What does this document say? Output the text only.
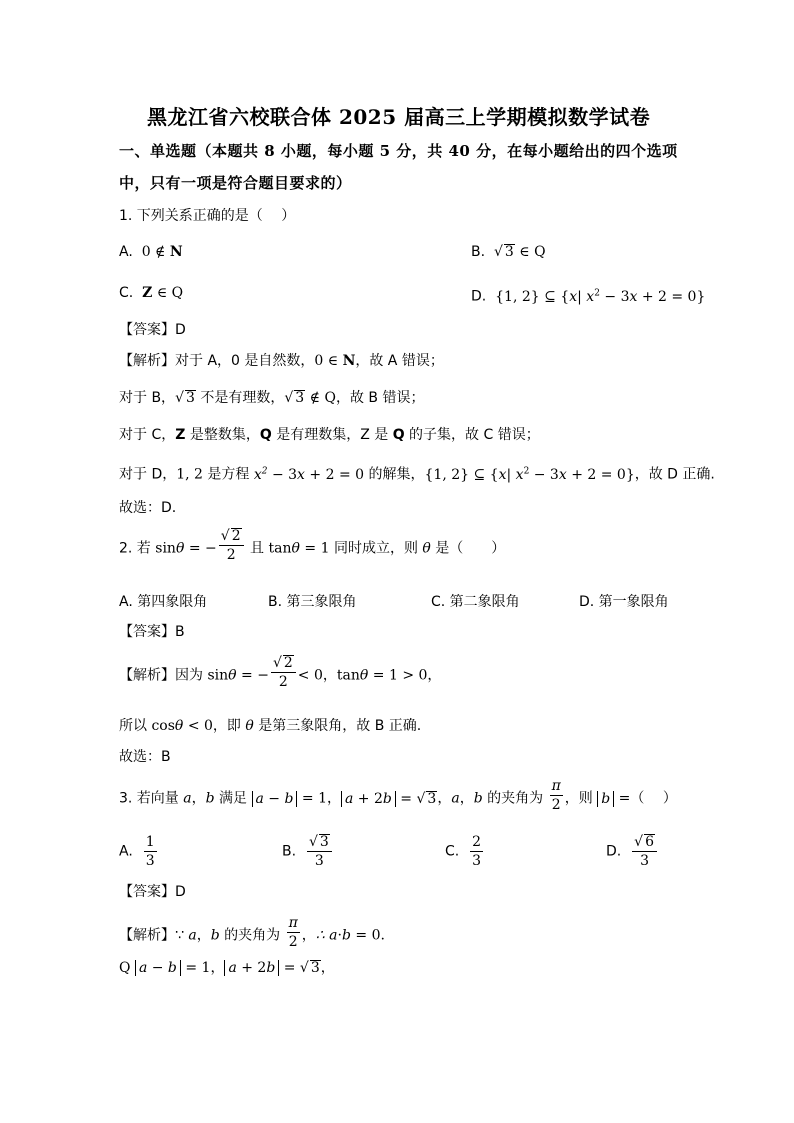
黑龙江省六校联合体 2025 届高三上学期模拟数学试卷
一、单选题（本题共 8 小题，每小题 5 分，共 40 分，在每小题给出的四个选项
中，只有一项是符合题目要求的）
1. 下列关系正确的是（　 ）
A. 0 ∉ N	B. √ 3 ∈ Q
C. Z ∈ Q	D. {1, 2} ⊆ {x| $x^2 - 3x + 2 = 0$}
【答案】D
【解析】对于 A，0 是自然数，0 ∈ N，故 A 错误；
对于 B，√ 3 不是有理数，√ 3 ∉ Q，故 B 错误；
对于 C，Z 是整数集，Q 是有理数集，Z 是 Q 的子集，故 C 错误；
对于 D，1, 2 是方程 $x^2 - 3x + 2 = 0$ 的解集，{1, 2} ⊆ {x| $x^2 - 3x + 2 = 0$}，故 D 正确.
故选：D.
2. 若 sinθ = − $\frac{√ 2}{2}$ 且 tanθ = 1 同时成立，则 θ 是（　　）
A. 第四象限角	B. 第三象限角	C. 第二象限角	D. 第一象限角
【答案】B
【解析】因为 sinθ = − $\frac{√ 2}{2} < 0$，tanθ = 1 > 0，
所以 cosθ < 0，即 θ 是第三象限角，故 B 正确.
故选：B
3. 若向量 a，b 满足 a − b = 1， a + 2b = √ 3，a，b 的夹角为 $\frac{\pi}{2}$ ，则 b =（　 ）
A. $\frac{1}{3}$	B. $\frac{√ 3}{3}$	C. $\frac{2}{3}$	D. $\frac{√ 6}{3}$
【答案】D
【解析】∵ a，b 的夹角为 $\frac{\pi}{2}$ ，∴ a·b = 0.
Q a − b = 1， a + 2b = √ 3，
